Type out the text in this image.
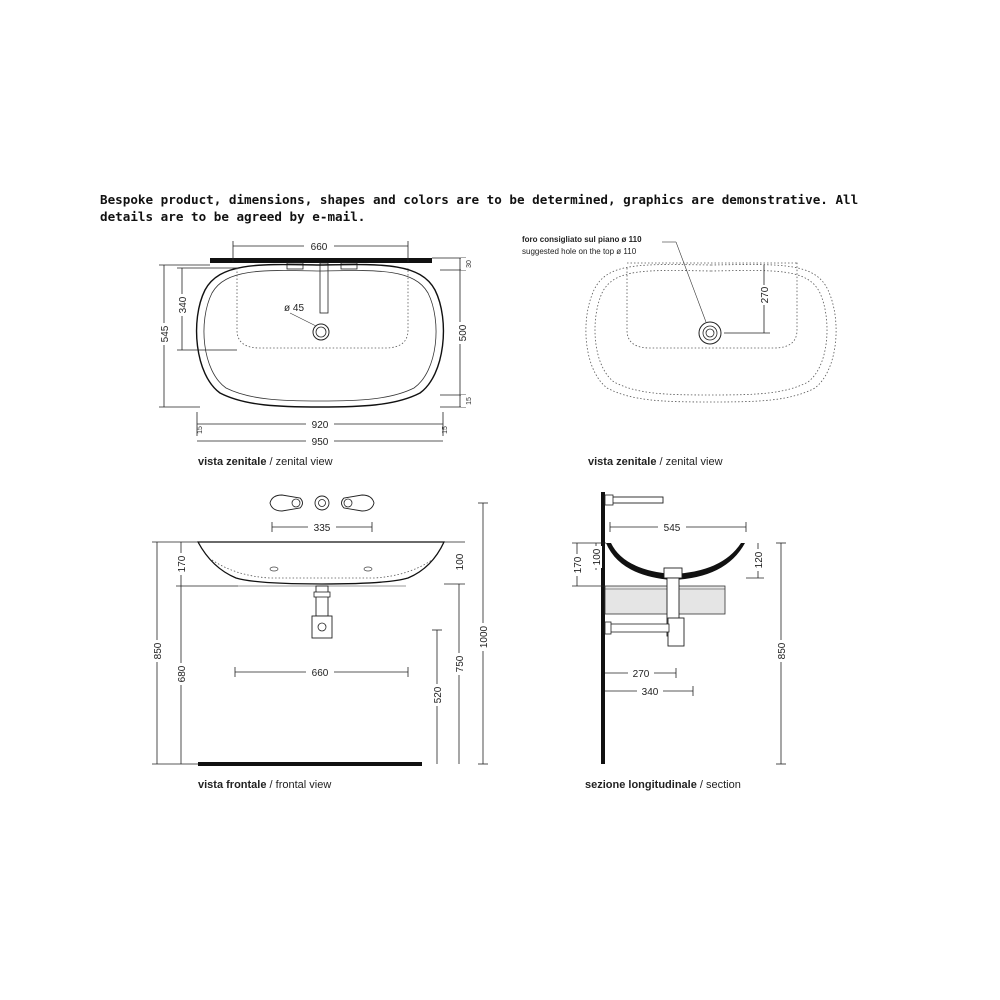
Bespoke product, dimensions, shapes and colors are to be determined, graphics are demonstrative. All details are to be agreed by e-mail.
660
545
340	ø 45
30
500
15
920
15	15
950
vista zenitale / zenital view
foro consigliato sul piano ø 110
suggested hole on the top ø 110
270
vista zenitale / zenital view
335
850
170
680	660
520
750
100
1000
vista frontale / frontal view
545
170 100	120
850
270
340
sezione longitudinale / section
